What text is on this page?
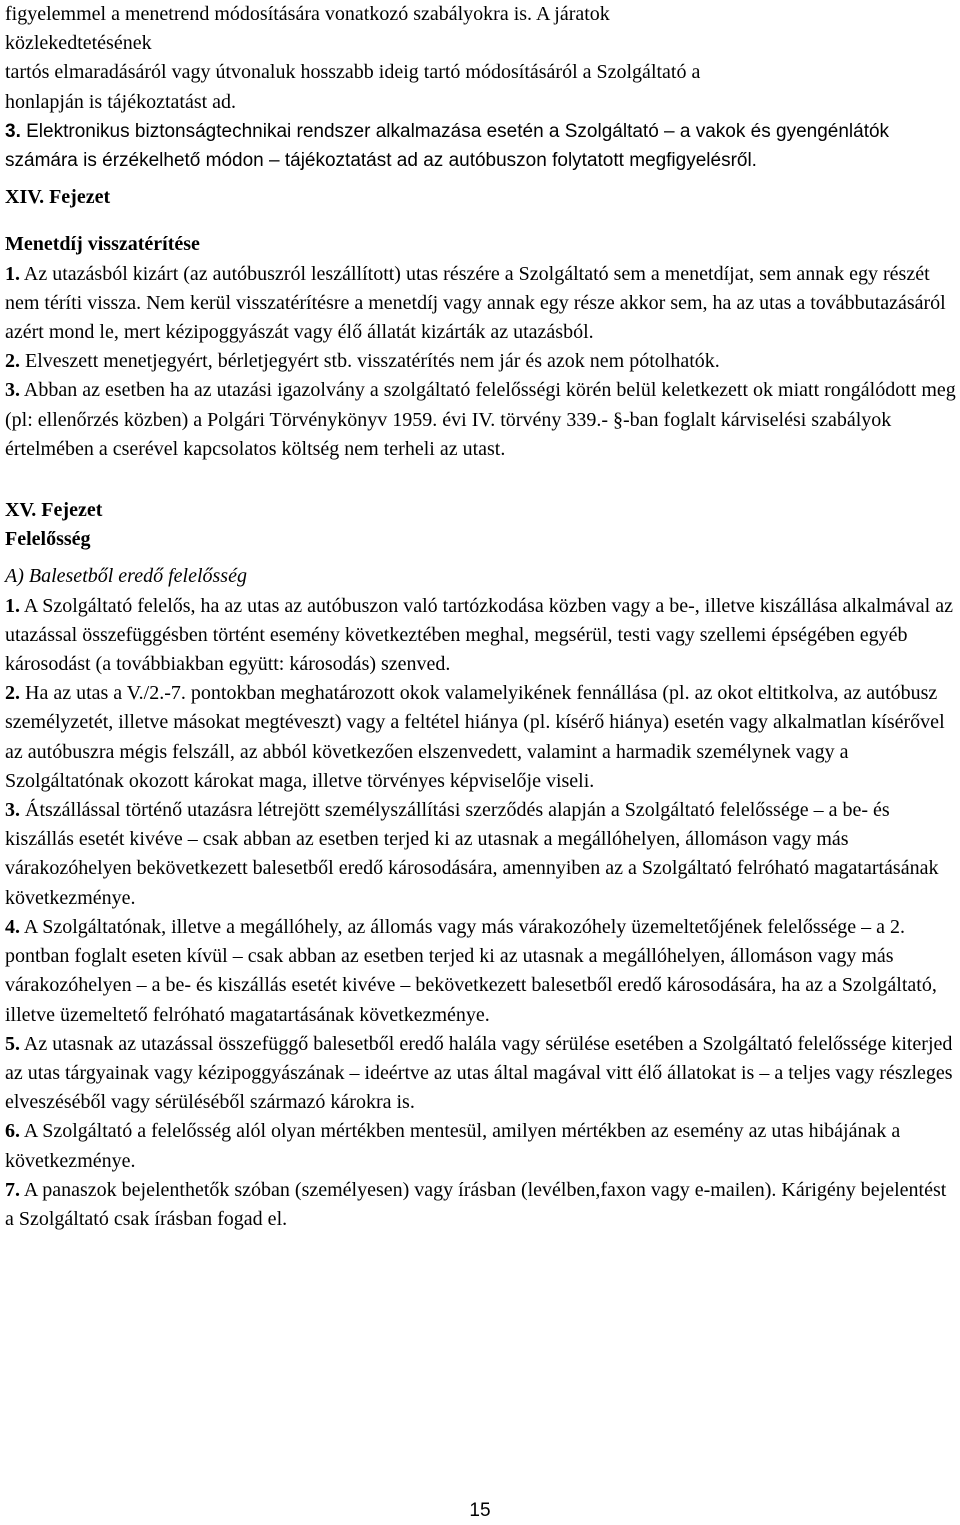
figyelemmel a menetrend módosítására vonatkozó szabályokra is. A járatok

közlekedtetésének

tartós elmaradásáról vagy útvonaluk hosszabb ideig tartó módosításáról a Szolgáltató a

honlapján is tájékoztatást ad.

3. Elektronikus biztonságtechnikai rendszer alkalmazása esetén a Szolgáltató – a vakok és gyengénlátók számára is érzékelhető módon – tájékoztatást ad az autóbuszon folytatott megfigyelésről.

XIV. Fejezet

Menetdíj visszatérítése

1. Az utazásból kizárt (az autóbuszról leszállított) utas részére a Szolgáltató sem a menetdíjat, sem annak egy részét nem téríti vissza. Nem kerül visszatérítésre a menetdíj vagy annak egy része akkor sem, ha az utas a továbbutazásáról azért mond le, mert kézipoggyászát vagy élő állatát kizárták az utazásból.

2. Elveszett menetjegyért, bérletjegyért stb. visszatérítés nem jár és azok nem pótolhatók.

3. Abban az esetben ha az utazási igazolvány a szolgáltató felelősségi körén belül keletkezett ok miatt rongálódott meg (pl: ellenőrzés közben) a Polgári Törvénykönyv 1959. évi IV. törvény 339.- §-ban foglalt kárviselési szabályok értelmében a cserével kapcsolatos költség nem terheli az utast.

XV. Fejezet

Felelősség

A) Balesetből eredő felelősség

1. A Szolgáltató felelős, ha az utas az autóbuszon való tartózkodása közben vagy a be-, illetve kiszállása alkalmával az utazással összefüggésben történt esemény következtében meghal, megsérül, testi vagy szellemi épségében egyéb károsodást (a továbbiakban együtt: károsodás) szenved.

2. Ha az utas a V./2.-7. pontokban meghatározott okok valamelyikének fennállása (pl. az okot eltitkolva, az autóbusz személyzetét, illetve másokat megtéveszt) vagy a feltétel hiánya (pl. kísérő hiánya) esetén vagy alkalmatlan kísérővel az autóbuszra mégis felszáll, az abból következően elszenvedett, valamint a harmadik személynek vagy a Szolgáltatónak okozott károkat maga, illetve törvényes képviselője viseli.

3. Átszállással történő utazásra létrejött személyszállítási szerződés alapján a Szolgáltató felelőssége – a be- és kiszállás esetét kivéve – csak abban az esetben terjed ki az utasnak a megállóhelyen, állomáson vagy más várakozóhelyen bekövetkezett balesetből eredő károsodására, amennyiben az a Szolgáltató felróható magatartásának következménye.

4. A Szolgáltatónak, illetve a megállóhely, az állomás vagy más várakozóhely üzemeltetőjének felelőssége – a 2. pontban foglalt eseten kívül – csak abban az esetben terjed ki az utasnak a megállóhelyen, állomáson vagy más várakozóhelyen – a be- és kiszállás esetét kivéve – bekövetkezett balesetből eredő károsodására, ha az a Szolgáltató, illetve üzemeltető felróható magatartásának következménye.

5. Az utasnak az utazással összefüggő balesetből eredő halála vagy sérülése esetében a Szolgáltató felelőssége kiterjed az utas tárgyainak vagy kézipoggyászának – ideértve az utas által magával vitt élő állatokat is – a teljes vagy részleges elveszéséből vagy sérüléséből származó károkra is.

6. A Szolgáltató a felelősség alól olyan mértékben mentesül, amilyen mértékben az esemény az utas hibájának a következménye.

7. A panaszok bejelenthetők szóban (személyesen) vagy írásban (levélben,faxon vagy e-mailen). Kárigény bejelentést a Szolgáltató csak írásban fogad el.

15
